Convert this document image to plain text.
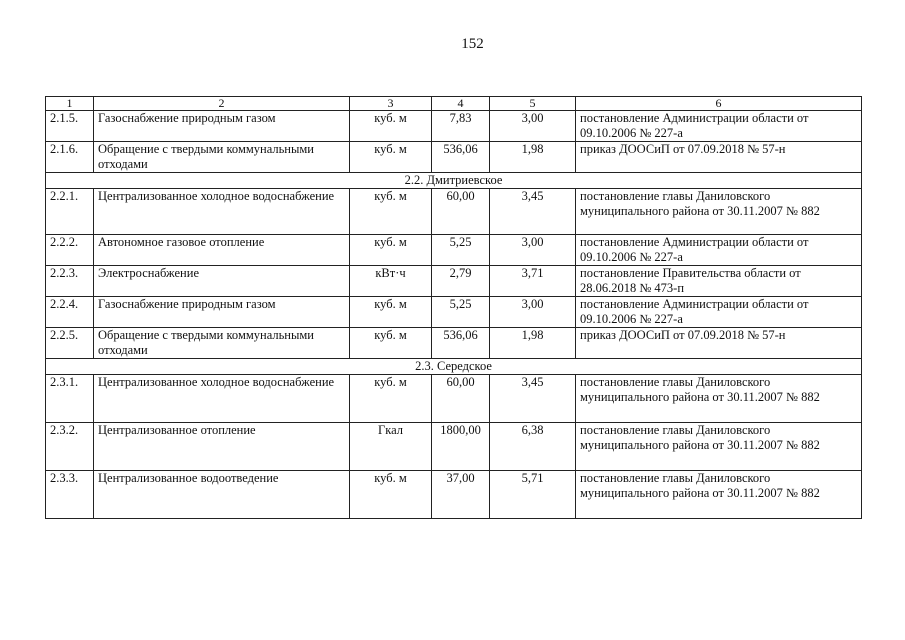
152
1	2	3	4	5	6
2.1.5.	Газоснабжение природным газом	куб. м	7,83	3,00	постановление Администрации области от 09.10.2006 № 227-а
2.1.6.	Обращение с твердыми коммунальными отходами	куб. м	536,06	1,98	приказ ДООСиП от 07.09.2018 № 57-н
2.2. Дмитриевское					
2.2.1.	Централизованное холодное водоснабжение	куб. м	60,00	3,45	постановление главы Даниловского муниципального района от 30.11.2007 № 882
2.2.2.	Автономное газовое отопление	куб. м	5,25	3,00	постановление Администрации области от 09.10.2006 № 227-а
2.2.3.	Электроснабжение	кВт·ч	2,79	3,71	постановление Правительства области от 28.06.2018 № 473-п
2.2.4.	Газоснабжение природным газом	куб. м	5,25	3,00	постановление Администрации области от 09.10.2006 № 227-а
2.2.5.	Обращение с твердыми коммунальными отходами	куб. м	536,06	1,98	приказ ДООСиП от 07.09.2018 № 57-н
2.3. Середское					
2.3.1.	Централизованное холодное водоснабжение	куб. м	60,00	3,45	постановление главы Даниловского муниципального района от 30.11.2007 № 882
2.3.2.	Централизованное отопление	Гкал	1800,00	6,38	постановление главы Даниловского муниципального района от 30.11.2007 № 882
2.3.3.	Централизованное водоотведение	куб. м	37,00	5,71	постановление главы Даниловского муниципального района от 30.11.2007 № 882
